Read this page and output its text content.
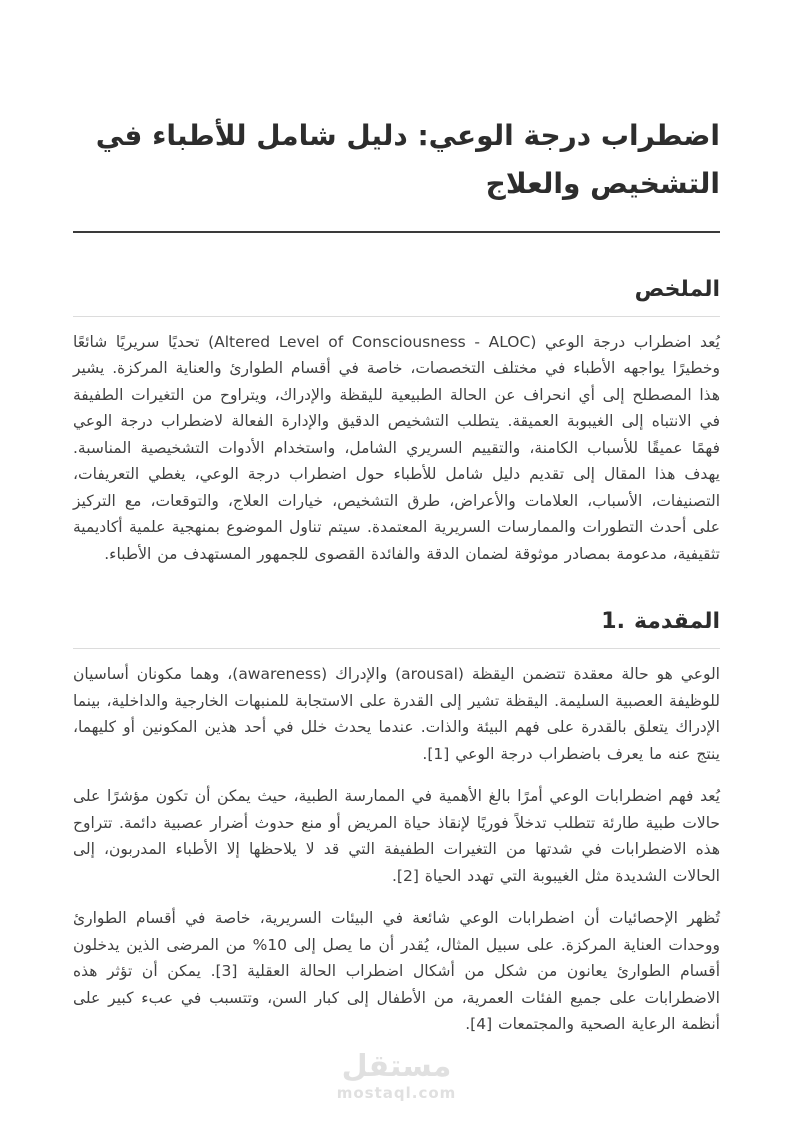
اضطراب درجة الوعي: دليل شامل للأطباء في التشخيص والعلاج
الملخص

يُعد اضطراب درجة الوعي (Altered Level of Consciousness - ALOC) تحديًا سريريًا شائعًا وخطيرًا يواجهه الأطباء في مختلف التخصصات، خاصة في أقسام الطوارئ والعناية المركزة. يشير هذا المصطلح إلى أي انحراف عن الحالة الطبيعية لليقظة والإدراك، ويتراوح من التغيرات الطفيفة في الانتباه إلى الغيبوبة العميقة. يتطلب التشخيص الدقيق والإدارة الفعالة لاضطراب درجة الوعي فهمًا عميقًا للأسباب الكامنة، والتقييم السريري الشامل، واستخدام الأدوات التشخيصية المناسبة. يهدف هذا المقال إلى تقديم دليل شامل للأطباء حول اضطراب درجة الوعي، يغطي التعريفات، التصنيفات، الأسباب، العلامات والأعراض، طرق التشخيص، خيارات العلاج، والتوقعات، مع التركيز على أحدث التطورات والممارسات السريرية المعتمدة. سيتم تناول الموضوع بمنهجية علمية أكاديمية تثقيفية، مدعومة بمصادر موثوقة لضمان الدقة والفائدة القصوى للجمهور المستهدف من الأطباء.

1. المقدمة

الوعي هو حالة معقدة تتضمن اليقظة (arousal) والإدراك (awareness)، وهما مكونان أساسيان للوظيفة العصبية السليمة. اليقظة تشير إلى القدرة على الاستجابة للمنبهات الخارجية والداخلية، بينما الإدراك يتعلق بالقدرة على فهم البيئة والذات. عندما يحدث خلل في أحد هذين المكونين أو كليهما، ينتج عنه ما يعرف باضطراب درجة الوعي [1].

يُعد فهم اضطرابات الوعي أمرًا بالغ الأهمية في الممارسة الطبية، حيث يمكن أن تكون مؤشرًا على حالات طبية طارئة تتطلب تدخلاً فوريًا لإنقاذ حياة المريض أو منع حدوث أضرار عصبية دائمة. تتراوح هذه الاضطرابات في شدتها من التغيرات الطفيفة التي قد لا يلاحظها إلا الأطباء المدربون، إلى الحالات الشديدة مثل الغيبوبة التي تهدد الحياة [2].

تُظهر الإحصائيات أن اضطرابات الوعي شائعة في البيئات السريرية، خاصة في أقسام الطوارئ ووحدات العناية المركزة. على سبيل المثال، يُقدر أن ما يصل إلى 10% من المرضى الذين يدخلون أقسام الطوارئ يعانون من شكل من أشكال اضطراب الحالة العقلية [3]. يمكن أن تؤثر هذه الاضطرابات على جميع الفئات العمرية، من الأطفال إلى كبار السن، وتتسبب في عبء كبير على أنظمة الرعاية الصحية والمجتمعات [4].

مستقل
mostaql.com
